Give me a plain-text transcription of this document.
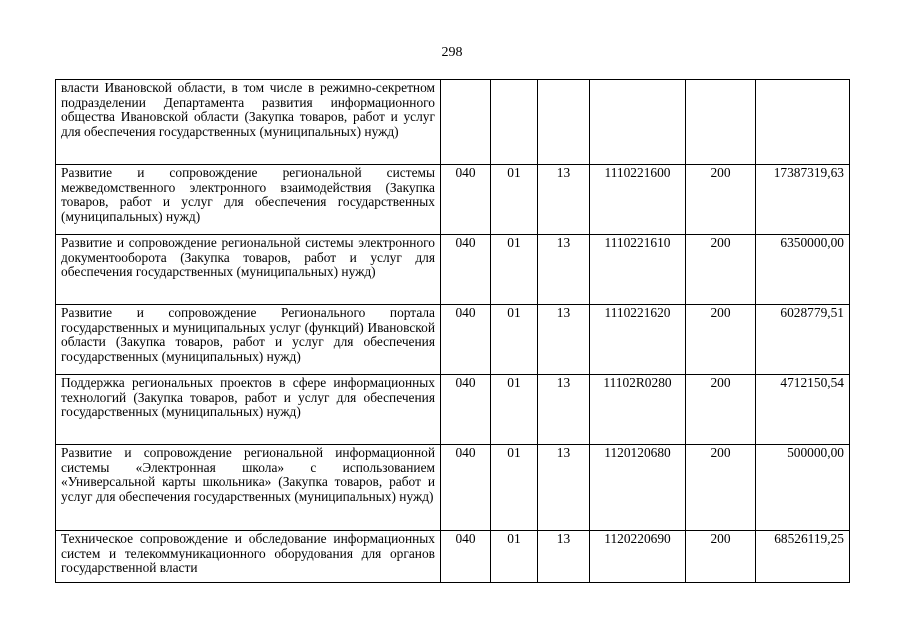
298
власти Ивановской области, в том числе в режимно-секретном подразделении Департамента развития информационного общества Ивановской области (Закупка товаров, работ и услуг для обеспечения государственных (муниципальных) нужд)						
Развитие и сопровождение региональной системы межведомственного электронного взаимодействия (Закупка товаров, работ и услуг для обеспечения государственных (муниципальных) нужд)	040	01	13	1110221600	200	17387319,63
Развитие и сопровождение региональной системы электронного документооборота (Закупка товаров, работ и услуг для обеспечения государственных (муниципальных) нужд)	040	01	13	1110221610	200	6350000,00
Развитие и сопровождение Регионального портала государственных и муниципальных услуг (функций) Ивановской области (Закупка товаров, работ и услуг для обеспечения государственных (муниципальных) нужд)	040	01	13	1110221620	200	6028779,51
Поддержка региональных проектов в сфере информационных технологий (Закупка товаров, работ и услуг для обеспечения государственных (муниципальных) нужд)	040	01	13	11102R0280	200	4712150,54
Развитие и сопровождение региональной информационной системы «Электронная школа» с использованием «Универсальной карты школьника» (Закупка товаров, работ и услуг для обеспечения государственных (муниципальных) нужд)	040	01	13	1120120680	200	500000,00
Техническое сопровождение и обследование информационных систем и телекоммуникационного оборудования для органов государственной власти	040	01	13	1120220690	200	68526119,25
